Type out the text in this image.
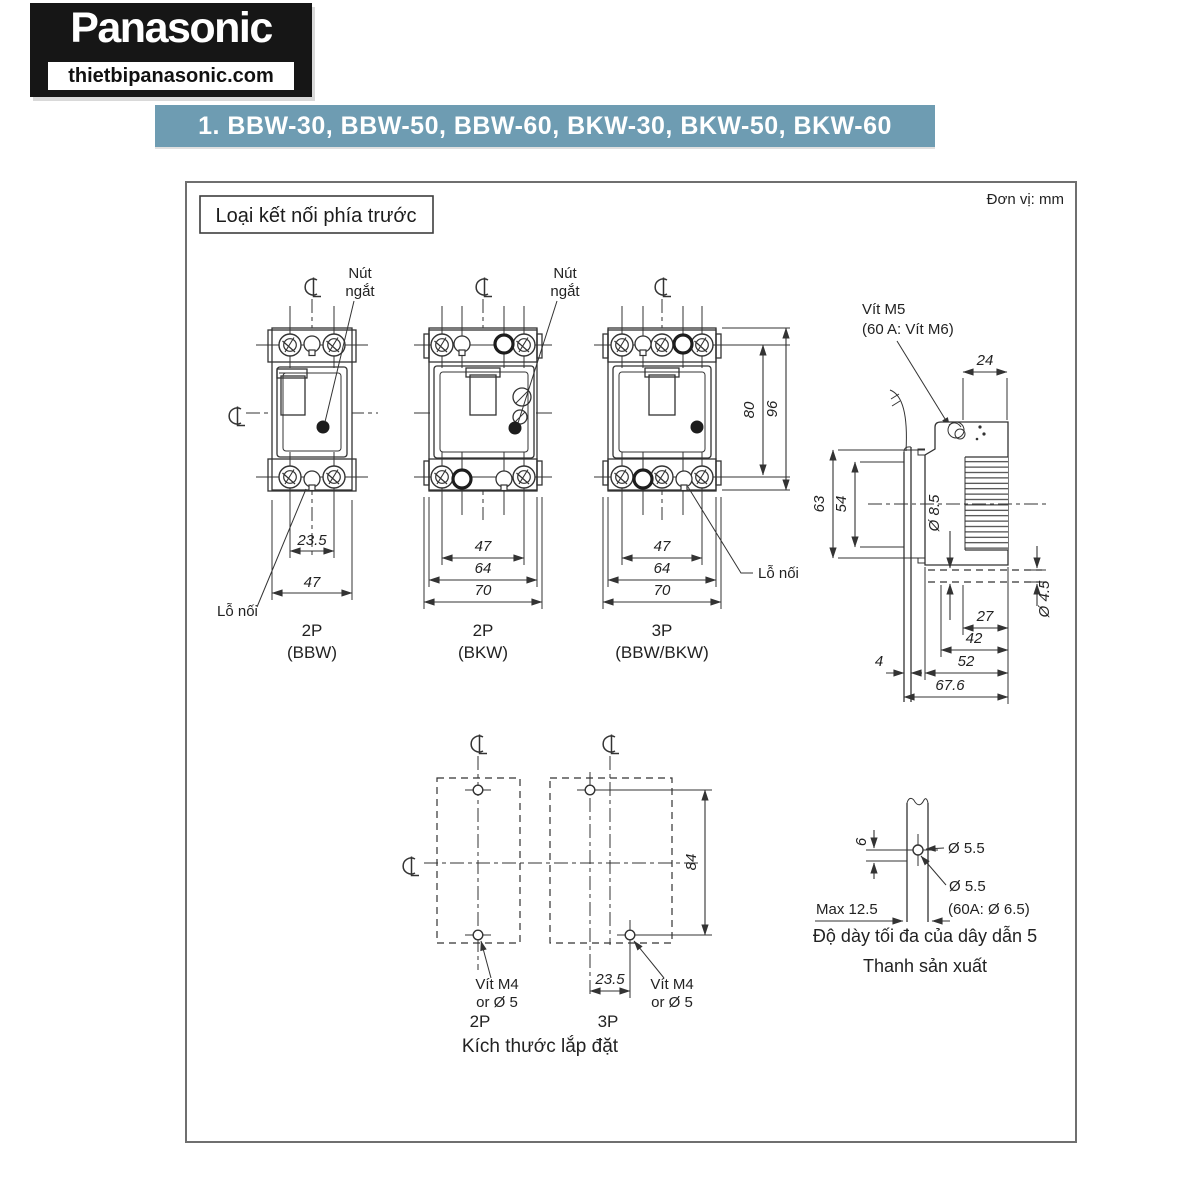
Panasonic
thietbipanasonic.com
1. BBW-30, BBW-50, BBW-60, BKW-30, BKW-50, BKW-60
Loại kết nối phía trước
Đơn vị: mm
Nút
ngắt
23.5
47
Lỗ nối
2P
(BBW)
Nút
ngắt
47
64
70
2P
(BKW)
80 96
47
64
70
Lỗ nối
3P
(BBW/BKW)
Vít M5
(60 A: Vít M6)
24
63 54	Ø 8.5
Ø 4.5
27
42
52
4
67.6
84
23.5
Vít M4
or Ø 5
Vít M4
or Ø 5
2P	3P
Kích thước lắp đặt
6	Ø 5.5
Ø 5.5
Max 12.5	(60A: Ø 6.5)
Độ dày tối đa của dây dẫn 5
Thanh sản xuất
